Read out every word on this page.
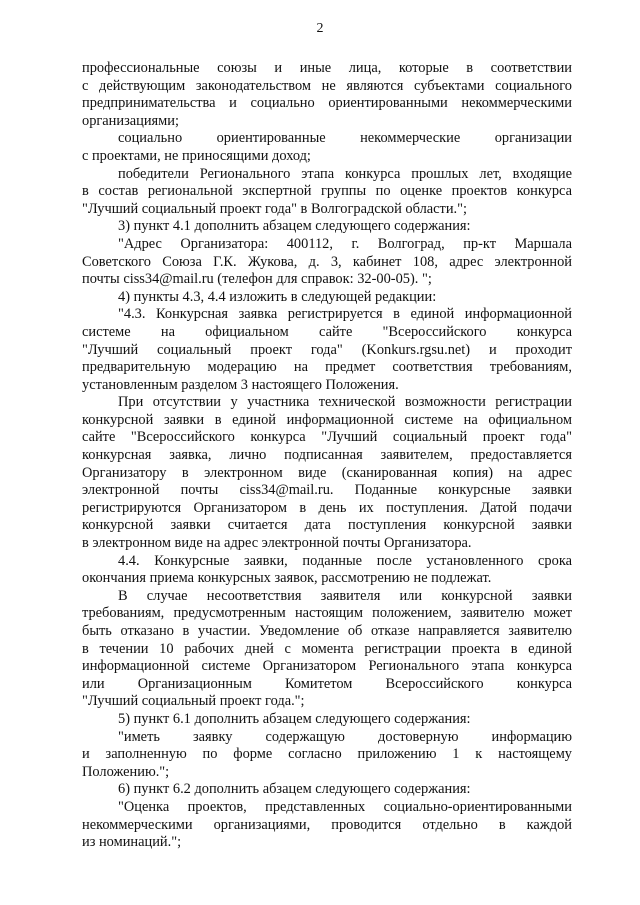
2
профессиональные союзы и иные лица, которые в соответствии
с действующим законодательством не являются субъектами социального
предпринимательства и социально ориентированными некоммерческими
организациями;
социально ориентированные некоммерческие организации
с проектами, не приносящими доход;
победители Регионального этапа конкурса прошлых лет, входящие
в состав региональной экспертной группы по оценке проектов конкурса
"Лучший социальный проект года" в Волгоградской области.";
3) пункт 4.1 дополнить абзацем следующего содержания:
"Адрес Организатора: 400112, г. Волгоград, пр-кт Маршала
Советского Союза Г.К. Жукова, д. 3, кабинет 108, адрес электронной
почты ciss34@mail.ru (телефон для справок: 32-00-05). ";
4) пункты 4.3, 4.4 изложить в следующей редакции:
"4.3. Конкурсная заявка регистрируется в единой информационной
системе на официальном сайте "Всероссийского конкурса
"Лучший социальный проект года" (Konkurs.rgsu.net) и проходит
предварительную модерацию на предмет соответствия требованиям,
установленным разделом 3 настоящего Положения.
При отсутствии у участника технической возможности регистрации
конкурсной заявки в единой информационной системе на официальном
сайте "Всероссийского конкурса "Лучший социальный проект года"
конкурсная заявка, лично подписанная заявителем, предоставляется
Организатору в электронном виде (сканированная копия) на адрес
электронной почты ciss34@mail.ru. Поданные конкурсные заявки
регистрируются Организатором в день их поступления. Датой подачи
конкурсной заявки считается дата поступления конкурсной заявки
в электронном виде на адрес электронной почты Организатора.
4.4. Конкурсные заявки, поданные после установленного срока
окончания приема конкурсных заявок, рассмотрению не подлежат.
В случае несоответствия заявителя или конкурсной заявки
требованиям, предусмотренным настоящим положением, заявителю может
быть отказано в участии. Уведомление об отказе направляется заявителю
в течении 10 рабочих дней с момента регистрации проекта в единой
информационной системе Организатором Регионального этапа конкурса
или Организационным Комитетом Всероссийского конкурса
"Лучший социальный проект года.";
5) пункт 6.1 дополнить абзацем следующего содержания:
"иметь заявку содержащую достоверную информацию
и заполненную по форме согласно приложению 1 к настоящему
Положению.";
6) пункт 6.2 дополнить абзацем следующего содержания:
"Оценка проектов, представленных социально-ориентированными
некоммерческими организациями, проводится отдельно в каждой
из номинаций.";
